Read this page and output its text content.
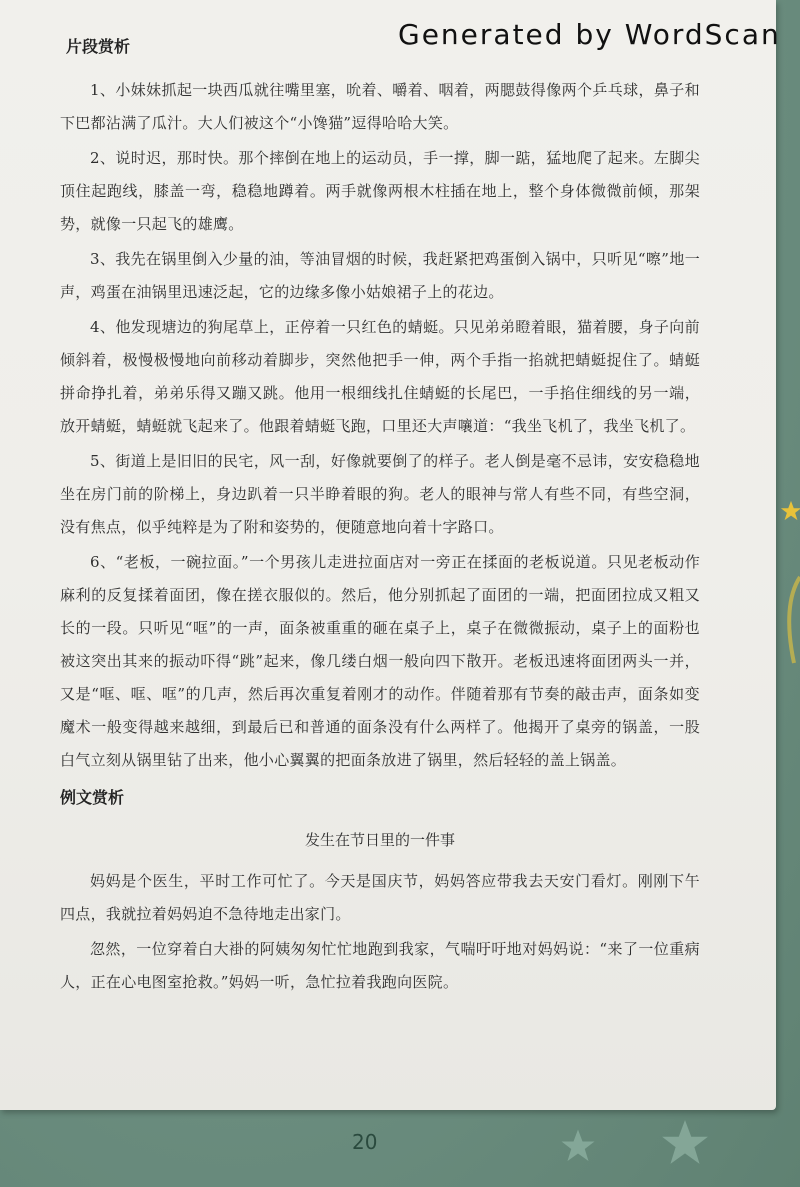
片段赏析

1、小妹妹抓起一块西瓜就往嘴里塞，吮着、嚼着、咽着，两腮鼓得像两个乒乓球，鼻子和下巴都沾满了瓜汁。大人们被这个“小馋猫”逗得哈哈大笑。

2、说时迟，那时快。那个摔倒在地上的运动员，手一撑，脚一踮，猛地爬了起来。左脚尖顶住起跑线，膝盖一弯，稳稳地蹲着。两手就像两根木柱插在地上，整个身体微微前倾，那架势，就像一只起飞的雄鹰。

3、我先在锅里倒入少量的油，等油冒烟的时候，我赶紧把鸡蛋倒入锅中，只听见“嚓”地一声，鸡蛋在油锅里迅速泛起，它的边缘多像小姑娘裙子上的花边。

4、他发现塘边的狗尾草上，正停着一只红色的蜻蜓。只见弟弟瞪着眼，猫着腰，身子向前倾斜着，极慢极慢地向前移动着脚步，突然他把手一伸，两个手指一掐就把蜻蜓捉住了。蜻蜓拼命挣扎着，弟弟乐得又蹦又跳。他用一根细线扎住蜻蜓的长尾巴，一手掐住细线的另一端，放开蜻蜓，蜻蜓就飞起来了。他跟着蜻蜓飞跑，口里还大声嚷道：“我坐飞机了，我坐飞机了。

5、街道上是旧旧的民宅，风一刮，好像就要倒了的样子。老人倒是毫不忌讳，安安稳稳地坐在房门前的阶梯上，身边趴着一只半睁着眼的狗。老人的眼神与常人有些不同，有些空洞，没有焦点，似乎纯粹是为了附和姿势的，便随意地向着十字路口。

6、“老板，一碗拉面。”一个男孩儿走进拉面店对一旁正在揉面的老板说道。只见老板动作麻利的反复揉着面团，像在搓衣服似的。然后，他分别抓起了面团的一端，把面团拉成又粗又长的一段。只听见“哐”的一声，面条被重重的砸在桌子上，桌子在微微振动，桌子上的面粉也被这突出其来的振动吓得“跳”起来，像几缕白烟一般向四下散开。老板迅速将面团两头一并，又是“哐、哐、哐”的几声，然后再次重复着刚才的动作。伴随着那有节奏的敲击声，面条如变魔术一般变得越来越细，到最后已和普通的面条没有什么两样了。他揭开了桌旁的锅盖，一股白气立刻从锅里钻了出来，他小心翼翼的把面条放进了锅里，然后轻轻的盖上锅盖。

例文赏析
发生在节日里的一件事

妈妈是个医生，平时工作可忙了。今天是国庆节，妈妈答应带我去天安门看灯。刚刚下午四点，我就拉着妈妈迫不急待地走出家门。

忽然，一位穿着白大褂的阿姨匆匆忙忙地跑到我家，气喘吁吁地对妈妈说：“来了一位重病人，正在心电图室抢救。”妈妈一听，急忙拉着我跑向医院。

Generated by WordScan
20
